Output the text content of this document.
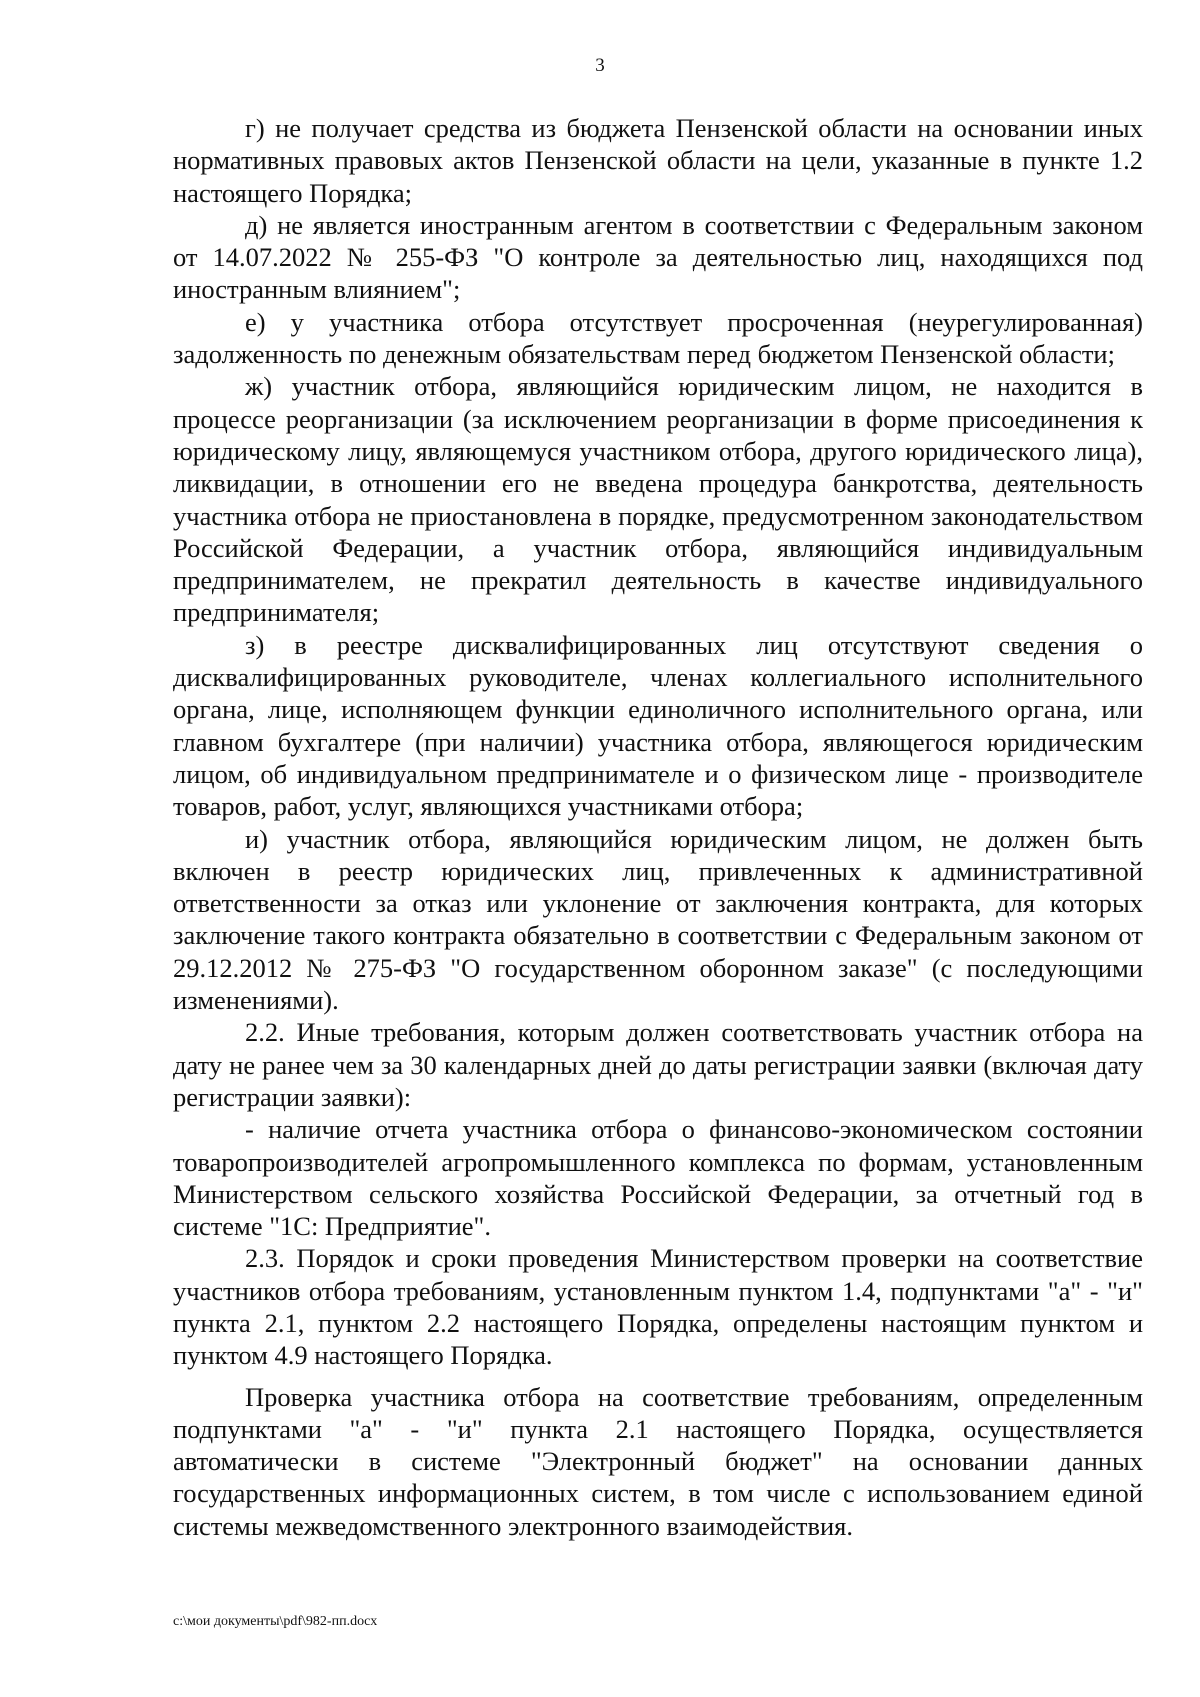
3

г) не получает средства из бюджета Пензенской области на основании иных нормативных правовых актов Пензенской области на цели, указанные в пункте 1.2 настоящего Порядка;

д) не является иностранным агентом в соответствии с Федеральным законом от 14.07.2022 № 255-ФЗ "О контроле за деятельностью лиц, находящихся под иностранным влиянием";

е) у участника отбора отсутствует просроченная (неурегулированная) задолженность по денежным обязательствам перед бюджетом Пензенской области;

ж) участник отбора, являющийся юридическим лицом, не находится в процессе реорганизации (за исключением реорганизации в форме присоединения к юридическому лицу, являющемуся участником отбора, другого юридического лица), ликвидации, в отношении его не введена процедура банкротства, деятельность участника отбора не приостановлена в порядке, предусмотренном законодательством Российской Федерации, а участник отбора, являющийся индивидуальным предпринимателем, не прекратил деятельность в качестве индивидуального предпринимателя;

з) в реестре дисквалифицированных лиц отсутствуют сведения о дисквалифицированных руководителе, членах коллегиального исполнительного органа, лице, исполняющем функции единоличного исполнительного органа, или главном бухгалтере (при наличии) участника отбора, являющегося юридическим лицом, об индивидуальном предпринимателе и о физическом лице - производителе товаров, работ, услуг, являющихся участниками отбора;

и) участник отбора, являющийся юридическим лицом, не должен быть включен в реестр юридических лиц, привлеченных к административной ответственности за отказ или уклонение от заключения контракта, для которых заключение такого контракта обязательно в соответствии с Федеральным законом от 29.12.2012 № 275-ФЗ "О государственном оборонном заказе" (с последующими изменениями).

2.2. Иные требования, которым должен соответствовать участник отбора на дату не ранее чем за 30 календарных дней до даты регистрации заявки (включая дату регистрации заявки):

- наличие отчета участника отбора о финансово-экономическом состоянии товаропроизводителей агропромышленного комплекса по формам, установленным Министерством сельского хозяйства Российской Федерации, за отчетный год в системе "1С: Предприятие".

2.3. Порядок и сроки проведения Министерством проверки на соответствие участников отбора требованиям, установленным пунктом 1.4, подпунктами "а" - "и" пункта 2.1, пунктом 2.2 настоящего Порядка, определены настоящим пунктом и пунктом 4.9 настоящего Порядка.

Проверка участника отбора на соответствие требованиям, определенным подпунктами "а" - "и" пункта 2.1 настоящего Порядка, осуществляется автоматически в системе "Электронный бюджет" на основании данных государственных информационных систем, в том числе с использованием единой системы межведомственного электронного взаимодействия.

c:\мои документы\pdf\982-пп.docx
